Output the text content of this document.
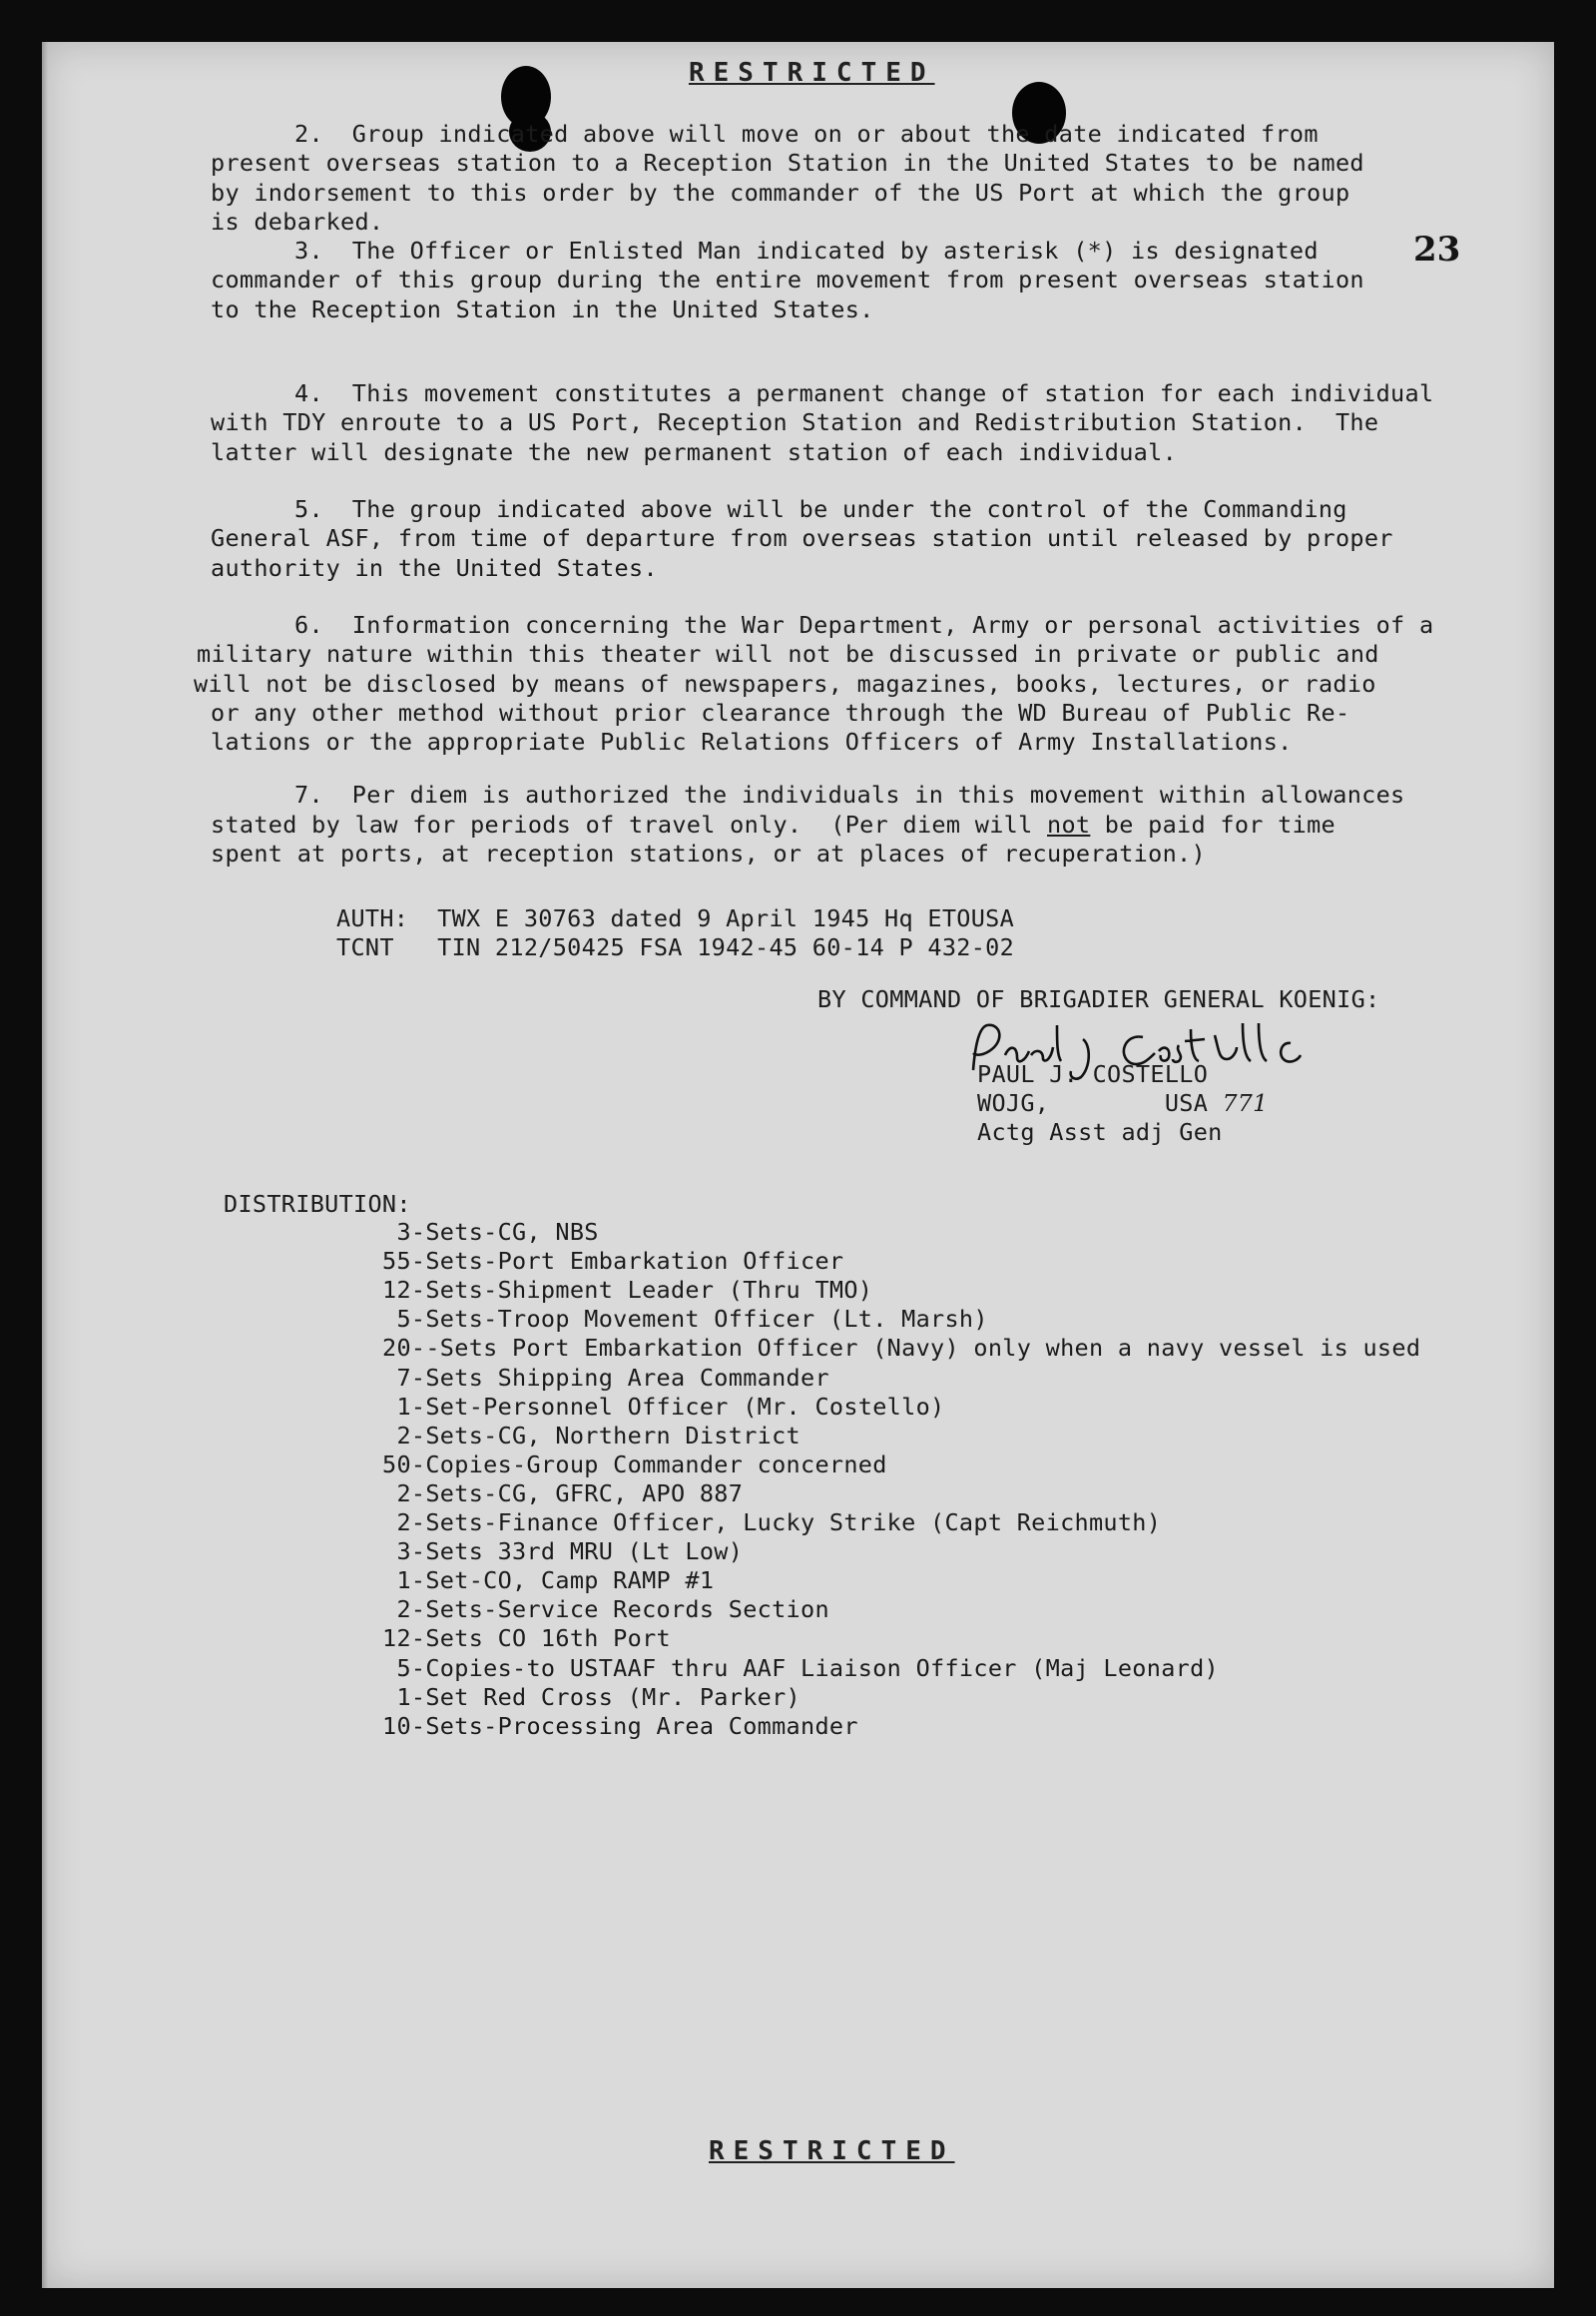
RESTRICTED
23
2.  Group indicated above will move on or about the date indicated from
present overseas station to a Reception Station in the United States to be named
by indorsement to this order by the commander of the US Port at which the group
is debarked.
3.  The Officer or Enlisted Man indicated by asterisk (*) is designated
commander of this group during the entire movement from present overseas station
to the Reception Station in the United States.
4.  This movement constitutes a permanent change of station for each individual
with TDY enroute to a US Port, Reception Station and Redistribution Station.  The
latter will designate the new permanent station of each individual.
5.  The group indicated above will be under the control of the Commanding
General ASF, from time of departure from overseas station until released by proper
authority in the United States.
6.  Information concerning the War Department, Army or personal activities of a
military nature within this theater will not be discussed in private or public and
will not be disclosed by means of newspapers, magazines, books, lectures, or radio
or any other method without prior clearance through the WD Bureau of Public Re-
lations or the appropriate Public Relations Officers of Army Installations.
7.  Per diem is authorized the individuals in this movement within allowances
stated by law for periods of travel only.  (Per diem will not be paid for time
spent at ports, at reception stations, or at places of recuperation.)
AUTH:  TWX E 30763 dated 9 April 1945 Hq ETOUSA
TCNT   TIN 212/50425 FSA 1942-45 60-14 P 432-02
BY COMMAND OF BRIGADIER GENERAL KOENIG:
PAUL J. COSTELLO
WOJG,        USA 771
Actg Asst adj Gen
DISTRIBUTION:
3-Sets-CG, NBS
55-Sets-Port Embarkation Officer
12-Sets-Shipment Leader (Thru TMO)
5-Sets-Troop Movement Officer (Lt. Marsh)
20--Sets Port Embarkation Officer (Navy) only when a navy vessel is used
7-Sets Shipping Area Commander
1-Set-Personnel Officer (Mr. Costello)
2-Sets-CG, Northern District
50-Copies-Group Commander concerned
2-Sets-CG, GFRC, APO 887
2-Sets-Finance Officer, Lucky Strike (Capt Reichmuth)
3-Sets 33rd MRU (Lt Low)
1-Set-CO, Camp RAMP #1
2-Sets-Service Records Section
12-Sets CO 16th Port
5-Copies-to USTAAF thru AAF Liaison Officer (Maj Leonard)
1-Set Red Cross (Mr. Parker)
10-Sets-Processing Area Commander
RESTRICTED
